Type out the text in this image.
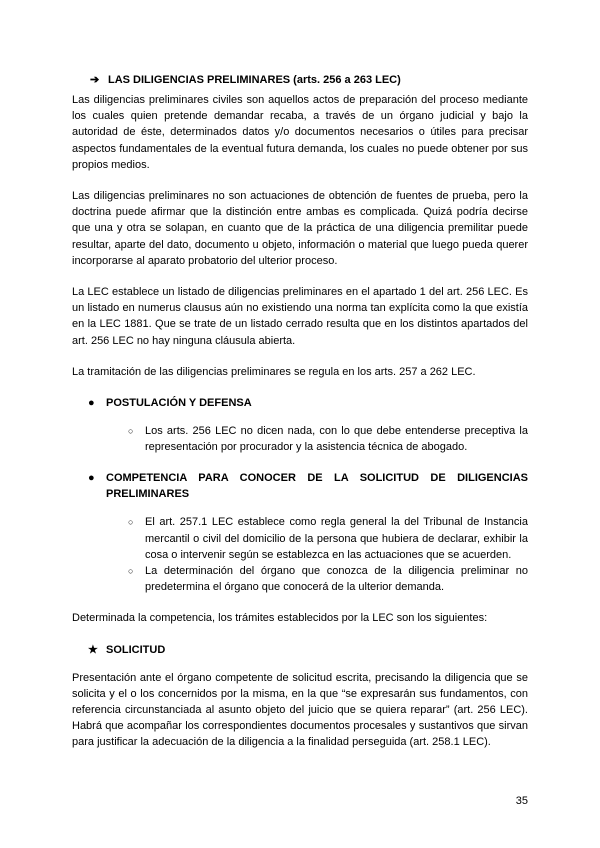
➔ LAS DILIGENCIAS PRELIMINARES (arts. 256 a 263 LEC)

Las diligencias preliminares civiles son aquellos actos de preparación del proceso mediante los cuales quien pretende demandar recaba, a través de un órgano judicial y bajo la autoridad de éste, determinados datos y/o documentos necesarios o útiles para precisar aspectos fundamentales de la eventual futura demanda, los cuales no puede obtener por sus propios medios.

Las diligencias preliminares no son actuaciones de obtención de fuentes de prueba, pero la doctrina puede afirmar que la distinción entre ambas es complicada. Quizá podría decirse que una y otra se solapan, en cuanto que de la práctica de una diligencia premilitar puede resultar, aparte del dato, documento u objeto, información o material que luego pueda querer incorporarse al aparato probatorio del ulterior proceso.

La LEC establece un listado de diligencias preliminares en el apartado 1 del art. 256 LEC. Es un listado en numerus clausus aún no existiendo una norma tan explícita como la que existía en la LEC 1881. Que se trate de un listado cerrado resulta que en los distintos apartados del art. 256 LEC no hay ninguna cláusula abierta.

La tramitación de las diligencias preliminares se regula en los arts. 257 a 262 LEC.

● POSTULACIÓN Y DEFENSA
○ Los arts. 256 LEC no dicen nada, con lo que debe entenderse preceptiva la representación por procurador y la asistencia técnica de abogado.
● COMPETENCIA PARA CONOCER DE LA SOLICITUD DE DILIGENCIAS PRELIMINARES
○ El art. 257.1 LEC establece como regla general la del Tribunal de Instancia mercantil o civil del domicilio de la persona que hubiera de declarar, exhibir la cosa o intervenir según se establezca en las actuaciones que se acuerden.
○ La determinación del órgano que conozca de la diligencia preliminar no predetermina el órgano que conocerá de la ulterior demanda.

Determinada la competencia, los trámites establecidos por la LEC son los siguientes:

★ SOLICITUD

Presentación ante el órgano competente de solicitud escrita, precisando la diligencia que se solicita y el o los concernidos por la misma, en la que “se expresarán sus fundamentos, con referencia circunstanciada al asunto objeto del juicio que se quiera reparar” (art. 256 LEC). Habrá que acompañar los correspondientes documentos procesales y sustantivos que sirvan para justificar la adecuación de la diligencia a la finalidad perseguida (art. 258.1 LEC).

35
